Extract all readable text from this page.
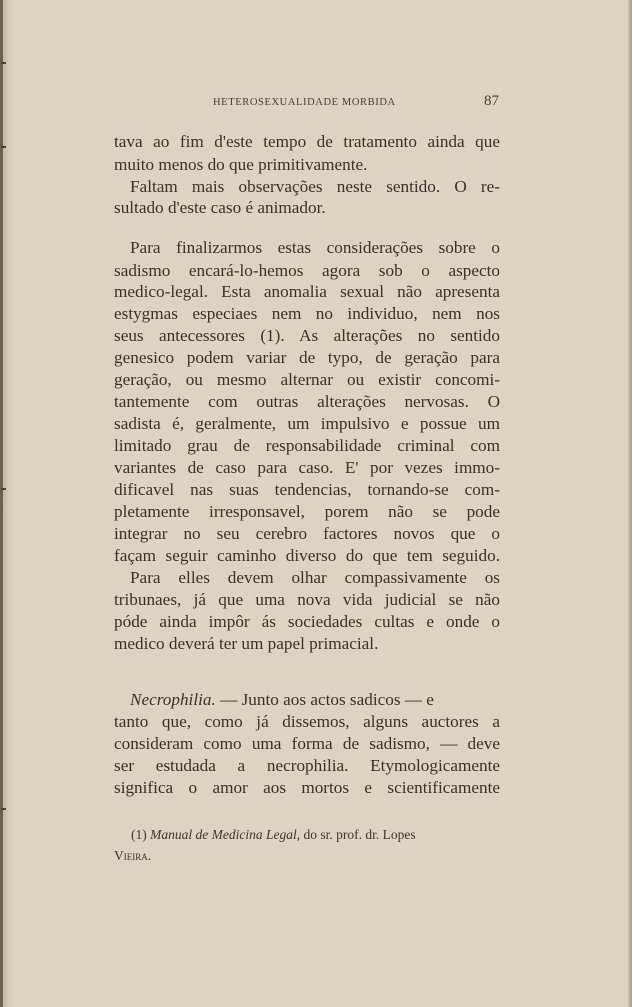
HETEROSEXUALIDADE MORBIDA	87
tava ao fim d'este tempo de tratamento ainda que
muito menos do que primitivamente.
Faltam mais observações neste sentido. O re-
sultado d'este caso é animador.
Para finalizarmos estas considerações sobre o
sadismo encará-lo-hemos agora sob o aspecto
medico-legal. Esta anomalia sexual não apresenta
estygmas especiaes nem no individuo, nem nos
seus antecessores (1). As alterações no sentido
genesico podem variar de typo, de geração para
geração, ou mesmo alternar ou existir concomi-
tantemente com outras alterações nervosas. O
sadista é, geralmente, um impulsivo e possue um
limitado grau de responsabilidade criminal com
variantes de caso para caso. E' por vezes immo-
dificavel nas suas tendencias, tornando-se com-
pletamente irresponsavel, porem não se pode
integrar no seu cerebro factores novos que o
façam seguir caminho diverso do que tem seguido.
Para elles devem olhar compassivamente os
tribunaes, já que uma nova vida judicial se não
póde ainda impôr ás sociedades cultas e onde o
medico deverá ter um papel primacial.
Necrophilia. — Junto aos actos sadicos — e
tanto que, como já dissemos, alguns auctores a
consideram como uma forma de sadismo, — deve
ser estudada a necrophilia. Etymologicamente
significa o amor aos mortos e scientificamente
(1) Manual de Medicina Legal, do sr. prof. dr. Lopes
Vieira.
